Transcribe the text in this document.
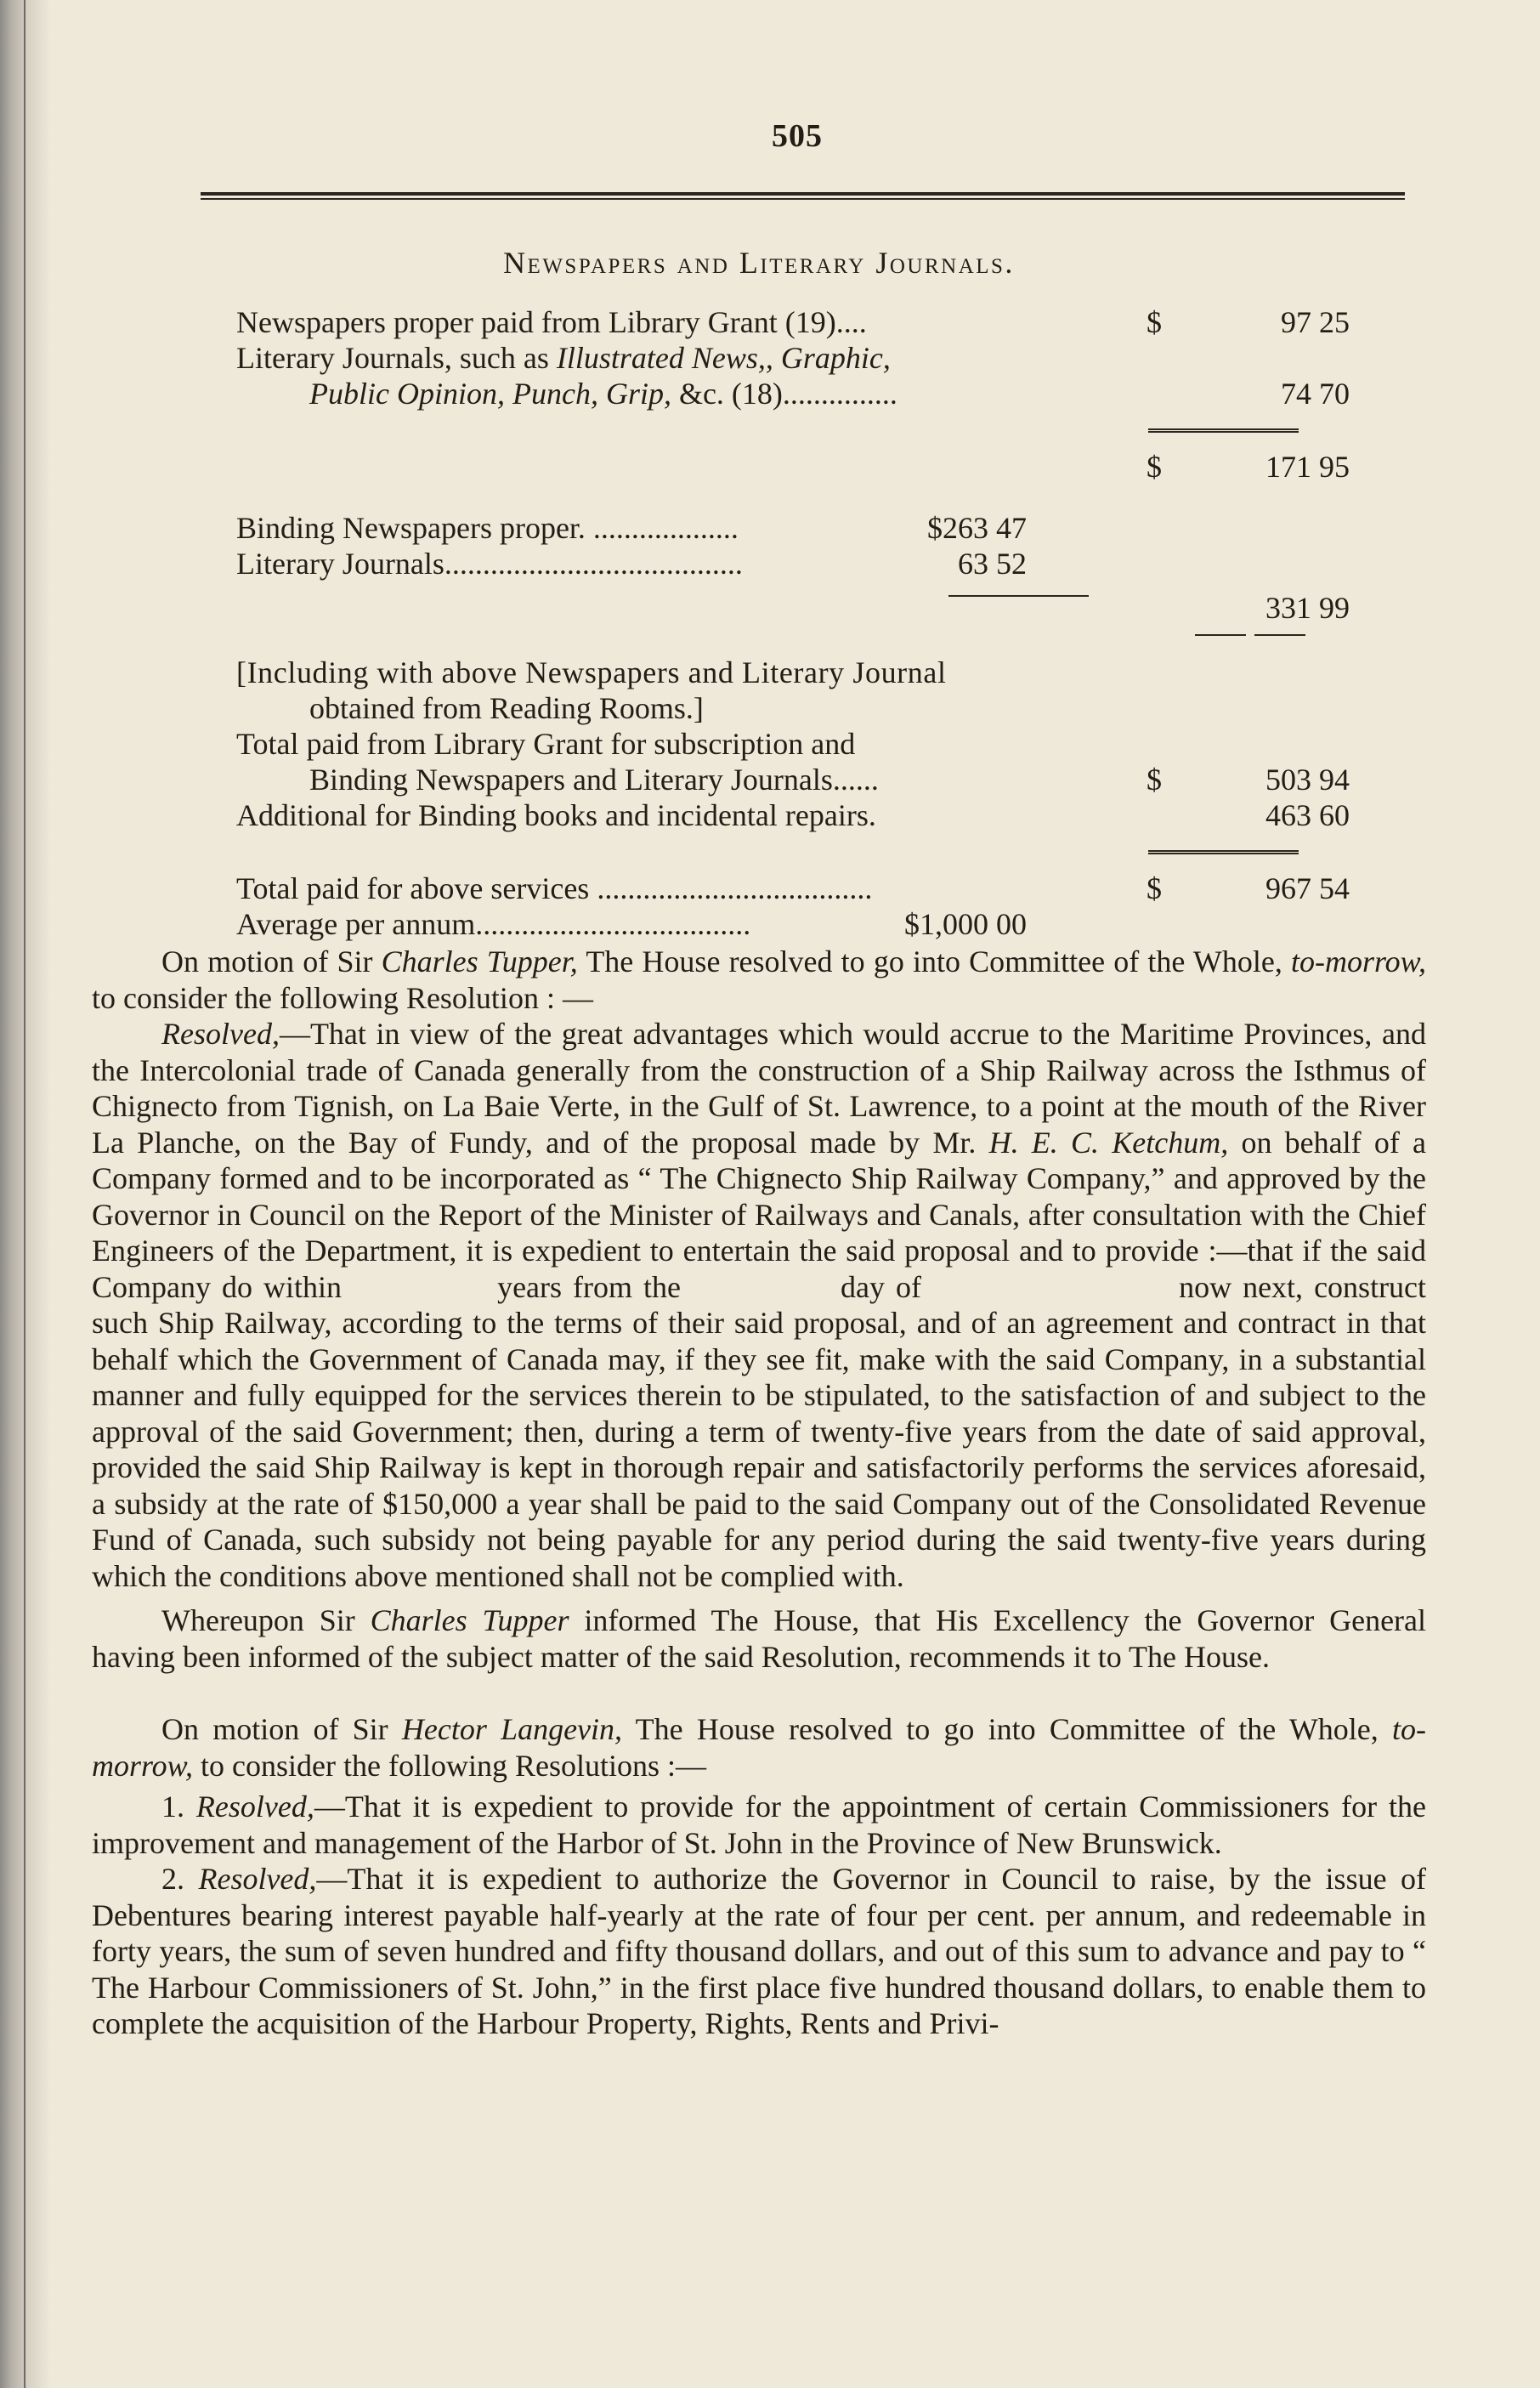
505
Newspapers and Literary Journals.
Newspapers proper paid from Library Grant (19)....	$	97 25
Literary Journals, such as Illustrated News,, Graphic,
Public Opinion, Punch, Grip, &c. (18)...............	74 70
$	171 95
Binding Newspapers proper. ...................	$263 47
Literary Journals.......................................	63 52
331 99
[Including with above Newspapers and Literary Journal
obtained from Reading Rooms.]
Total paid from Library Grant for subscription and
Binding Newspapers and Literary Journals......	$	503 94
Additional for Binding books and incidental repairs.	463 60
Total paid for above services ....................................	$	967 54
Average per annum....................................	$1,000 00

On motion of Sir Charles Tupper, The House resolved to go into Committee of the Whole, to-morrow, to consider the following Resolution : —

Resolved,—That in view of the great advantages which would accrue to the Maritime Provinces, and the Intercolonial trade of Canada generally from the construction of a Ship Railway across the Isthmus of Chignecto from Tignish, on La Baie Verte, in the Gulf of St. Lawrence, to a point at the mouth of the River La Planche, on the Bay of Fundy, and of the proposal made by Mr. H. E. C. Ketchum, on behalf of a Company formed and to be incorporated as “ The Chignecto Ship Railway Company,” and approved by the Governor in Council on the Report of the Minister of Railways and Canals, after consultation with the Chief Engineers of the Department, it is expedient to entertain the said proposal and to provide :—that if the said Company do within	years from the	day of	now next, construct such Ship Railway, according to the terms of their said proposal, and of an agreement and contract in that behalf which the Government of Canada may, if they see fit, make with the said Company, in a substantial manner and fully equipped for the services therein to be stipulated, to the satisfaction of and subject to the approval of the said Government; then, during a term of twenty-five years from the date of said approval, provided the said Ship Railway is kept in thorough repair and satisfactorily performs the services aforesaid, a subsidy at the rate of $150,000 a year shall be paid to the said Company out of the Consolidated Revenue Fund of Canada, such subsidy not being payable for any period during the said twenty-five years during which the conditions above mentioned shall not be complied with.

Whereupon Sir Charles Tupper informed The House, that His Excellency the Governor General having been informed of the subject matter of the said Resolution, recommends it to The House.

On motion of Sir Hector Langevin, The House resolved to go into Committee of the Whole, to-morrow, to consider the following Resolutions :—

1. Resolved,—That it is expedient to provide for the appointment of certain Commissioners for the improvement and management of the Harbor of St. John in the Province of New Brunswick.

2. Resolved,—That it is expedient to authorize the Governor in Council to raise, by the issue of Debentures bearing interest payable half-yearly at the rate of four per cent. per annum, and redeemable in forty years, the sum of seven hundred and fifty thousand dollars, and out of this sum to advance and pay to “ The Harbour Commissioners of St. John,” in the first place five hundred thousand dollars, to enable them to complete the acquisition of the Harbour Property, Rights, Rents and Privi-
